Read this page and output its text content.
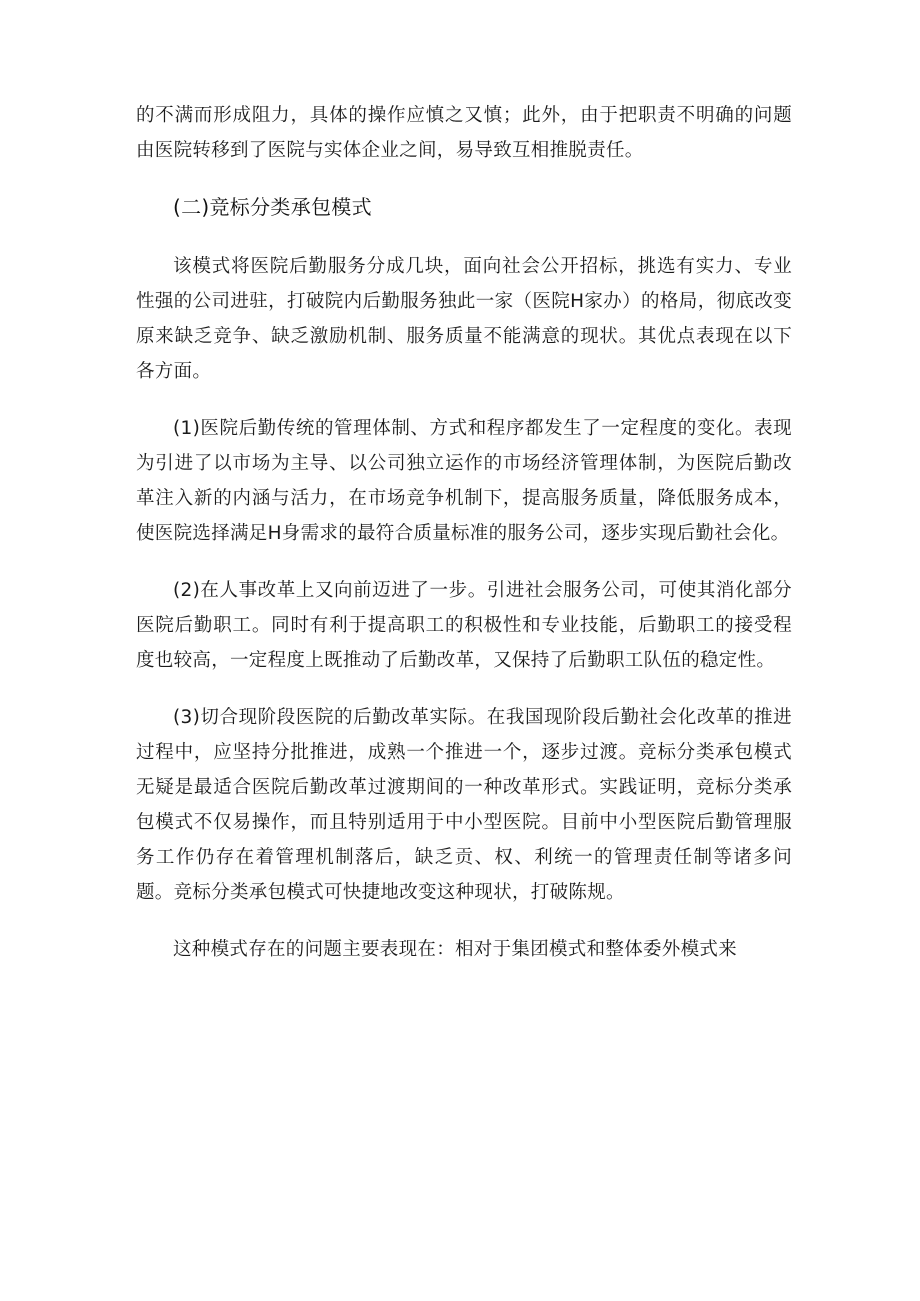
的不满而形成阻力，具体的操作应慎之又慎；此外，由于把职责不明确的问题由医院转移到了医院与实体企业之间，易导致互相推脱责任。

(二)竞标分类承包模式

该模式将医院后勤服务分成几块，面向社会公开招标，挑选有实力、专业性强的公司进驻，打破院内后勤服务独此一家（医院H家办）的格局，彻底改变原来缺乏竞争、缺乏激励机制、服务质量不能满意的现状。其优点表现在以下各方面。

(1)医院后勤传统的管理体制、方式和程序都发生了一定程度的变化。表现为引进了以市场为主导、以公司独立运作的市场经济管理体制，为医院后勤改革注入新的内涵与活力，在市场竞争机制下，提高服务质量，降低服务成本，使医院选择满足H身需求的最符合质量标准的服务公司，逐步实现后勤社会化。

(2)在人事改革上又向前迈进了一步。引进社会服务公司，可使其消化部分医院后勤职工。同时有利于提高职工的积极性和专业技能，后勤职工的接受程度也较高，一定程度上既推动了后勤改革，又保持了后勤职工队伍的稳定性。

(3)切合现阶段医院的后勤改革实际。在我国现阶段后勤社会化改革的推进过程中，应坚持分批推进，成熟一个推进一个，逐步过渡。竞标分类承包模式无疑是最适合医院后勤改革过渡期间的一种改革形式。实践证明，竞标分类承包模式不仅易操作，而且特别适用于中小型医院。目前中小型医院后勤管理服务工作仍存在着管理机制落后，缺乏贡、权、利统一的管理责任制等诸多问题。竞标分类承包模式可快捷地改变这种现状，打破陈规。

这种模式存在的问题主要表现在：相对于集团模式和整体委外模式来
